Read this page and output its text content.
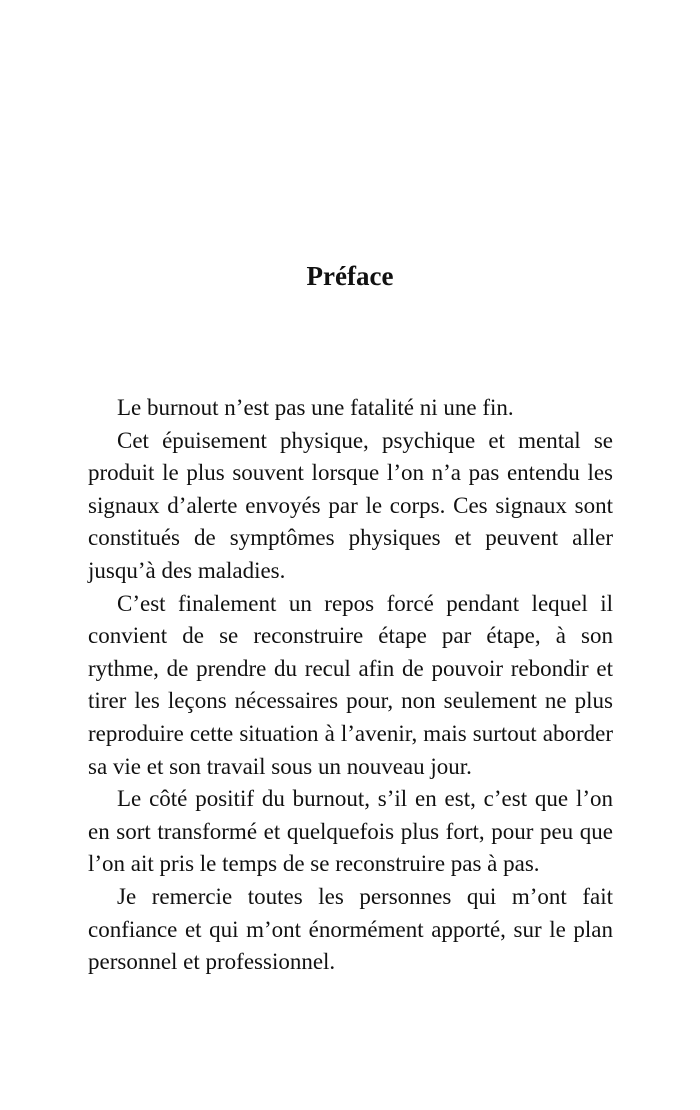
Préface

Le burnout n’est pas une fatalité ni une fin.

Cet épuisement physique, psychique et mental se produit le plus souvent lorsque l’on n’a pas entendu les signaux d’alerte envoyés par le corps. Ces signaux sont constitués de symptômes physiques et peuvent aller jusqu’à des maladies.

C’est finalement un repos forcé pendant lequel il convient de se reconstruire étape par étape, à son rythme, de prendre du recul afin de pouvoir rebondir et tirer les leçons nécessaires pour, non seulement ne plus reproduire cette situation à l’avenir, mais surtout aborder sa vie et son travail sous un nouveau jour.

Le côté positif du burnout, s’il en est, c’est que l’on en sort transformé et quelquefois plus fort, pour peu que l’on ait pris le temps de se reconstruire pas à pas.

Je remercie toutes les personnes qui m’ont fait confiance et qui m’ont énormément apporté, sur le plan personnel et professionnel.
